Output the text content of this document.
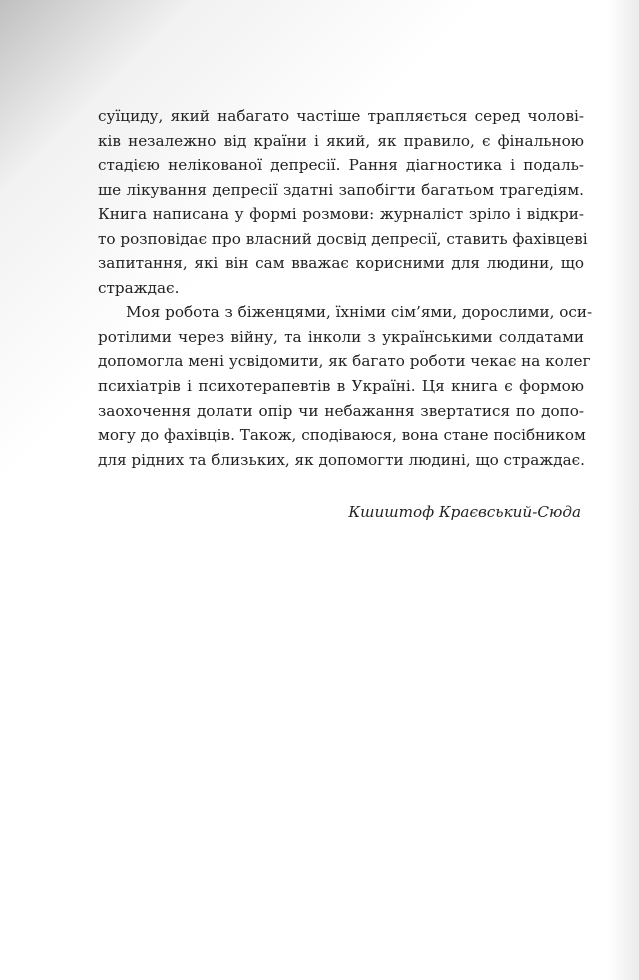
суїциду, який набагато частіше трапляється серед чолові-
ків незалежно від країни і який, як правило, є фінальною
стадією неліковaної депресії. Рання діагностика і подаль-
ше лікування депресії здатні запобігти багатьом трагедіям.
Книга написана у формі розмови: журналіст зріло і відкри-
то розповідає про власний досвід депресії, ставить фахівцеві
запитання, які він сам вважає корисними для людини, що
страждає.
Моя робота з біженцями, їхніми сім’ями, дорослими, оси-
ротілими через війну, та інколи з українськими солдатами
допомогла мені усвідомити, як багато роботи чекає на колег
психіатрів і психотерапевтів в Україні. Ця книга є формою
заохочення долати опір чи небажання звертатися по допо-
могу до фахівців. Також, сподіваюся, вона стане посібником
для рідних та близьких, як допомогти людині, що страждає.
Кшиштоф Краєвський-Сюда
